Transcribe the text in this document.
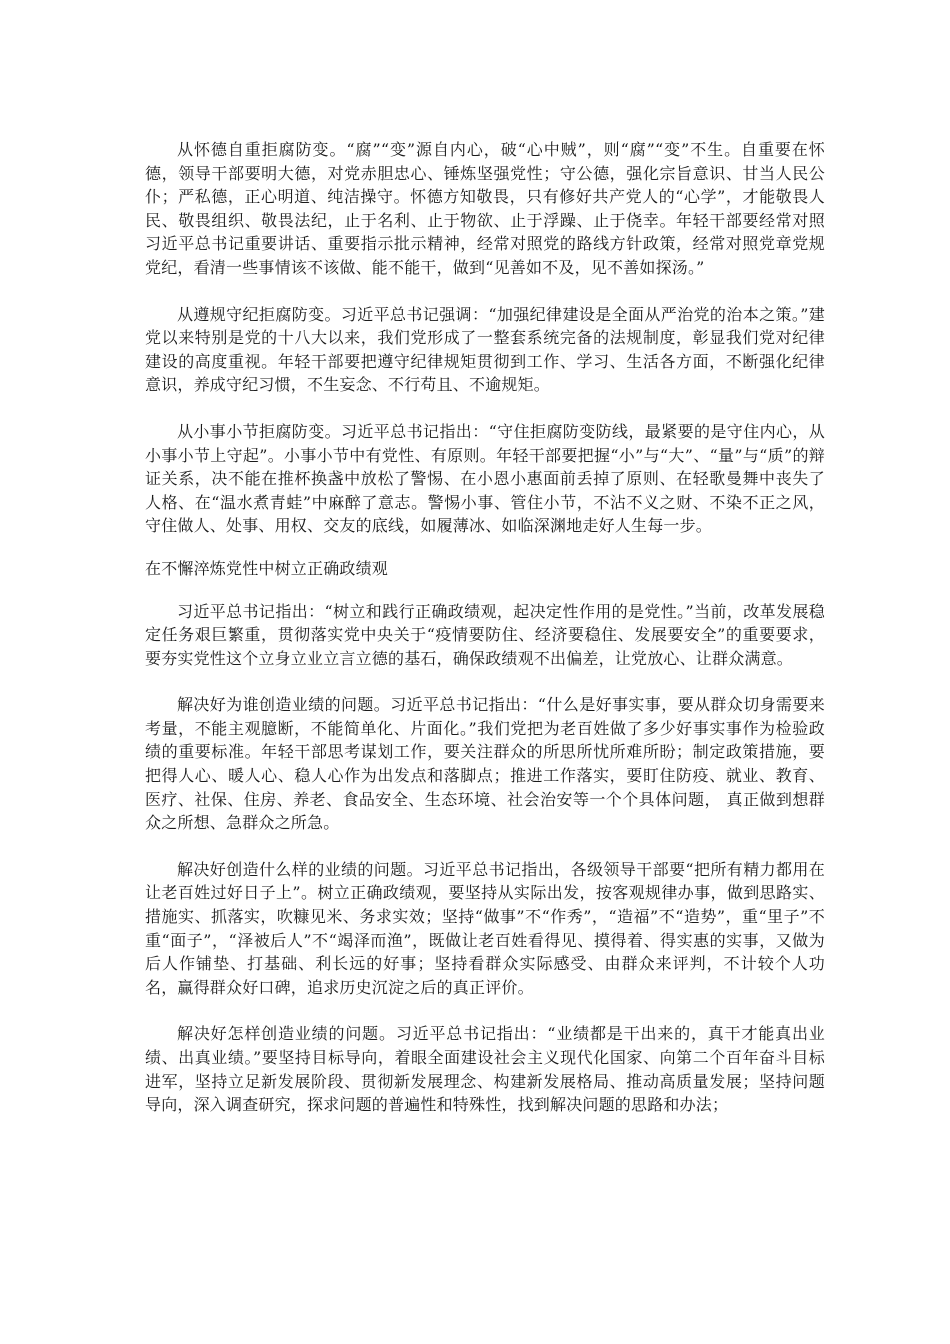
从怀德自重拒腐防变。“腐”“变”源自内心，破“心中贼”，则“腐”“变”不生。自重要在怀德，领导干部要明大德，对党赤胆忠心、锤炼坚强党性；守公德，强化宗旨意识、甘当人民公仆；严私德，正心明道、纯洁操守。怀德方知敬畏，只有修好共产党人的“心学”，才能敬畏人民、敬畏组织、敬畏法纪，止于名利、止于物欲、止于浮躁、止于侥幸。年轻干部要经常对照习近平总书记重要讲话、重要指示批示精神，经常对照党的路线方针政策，经常对照党章党规党纪，看清一些事情该不该做、能不能干，做到“见善如不及，见不善如探汤。”

从遵规守纪拒腐防变。习近平总书记强调：“加强纪律建设是全面从严治党的治本之策。”建党以来特别是党的十八大以来，我们党形成了一整套系统完备的法规制度，彰显我们党对纪律建设的高度重视。年轻干部要把遵守纪律规矩贯彻到工作、学习、生活各方面，不断强化纪律意识，养成守纪习惯，不生妄念、不行苟且、不逾规矩。

从小事小节拒腐防变。习近平总书记指出：“守住拒腐防变防线，最紧要的是守住内心，从小事小节上守起”。小事小节中有党性、有原则。年轻干部要把握“小”与“大”、“量”与“质”的辩证关系，决不能在推杯换盏中放松了警惕、在小恩小惠面前丢掉了原则、在轻歌曼舞中丧失了人格、在“温水煮青蛙”中麻醉了意志。警惕小事、管住小节，不沾不义之财、不染不正之风，守住做人、处事、用权、交友的底线，如履薄冰、如临深渊地走好人生每一步。

在不懈淬炼党性中树立正确政绩观

习近平总书记指出：“树立和践行正确政绩观，起决定性作用的是党性。”当前，改革发展稳定任务艰巨繁重，贯彻落实党中央关于“疫情要防住、经济要稳住、发展要安全”的重要要求，要夯实党性这个立身立业立言立德的基石，确保政绩观不出偏差，让党放心、让群众满意。

解决好为谁创造业绩的问题。习近平总书记指出：“什么是好事实事，要从群众切身需要来考量，不能主观臆断，不能简单化、片面化。”我们党把为老百姓做了多少好事实事作为检验政绩的重要标准。年轻干部思考谋划工作，要关注群众的所思所忧所难所盼；制定政策措施，要把得人心、暖人心、稳人心作为出发点和落脚点；推进工作落实，要盯住防疫、就业、教育、医疗、社保、住房、养老、食品安全、生态环境、社会治安等一个个具体问题， 真正做到想群众之所想、急群众之所急。

解决好创造什么样的业绩的问题。习近平总书记指出，各级领导干部要“把所有精力都用在让老百姓过好日子上”。树立正确政绩观，要坚持从实际出发，按客观规律办事，做到思路实、措施实、抓落实，吹糠见米、务求实效；坚持“做事”不“作秀”，“造福”不“造势”，重“里子”不重“面子”，“泽被后人”不“竭泽而渔”，既做让老百姓看得见、摸得着、得实惠的实事，又做为后人作铺垫、打基础、利长远的好事；坚持看群众实际感受、由群众来评判，不计较个人功名，赢得群众好口碑，追求历史沉淀之后的真正评价。

解决好怎样创造业绩的问题。习近平总书记指出：“业绩都是干出来的，真干才能真出业绩、出真业绩。”要坚持目标导向，着眼全面建设社会主义现代化国家、向第二个百年奋斗目标进军，坚持立足新发展阶段、贯彻新发展理念、构建新发展格局、推动高质量发展；坚持问题导向，深入调查研究，探求问题的普遍性和特殊性，找到解决问题的思路和办法；
